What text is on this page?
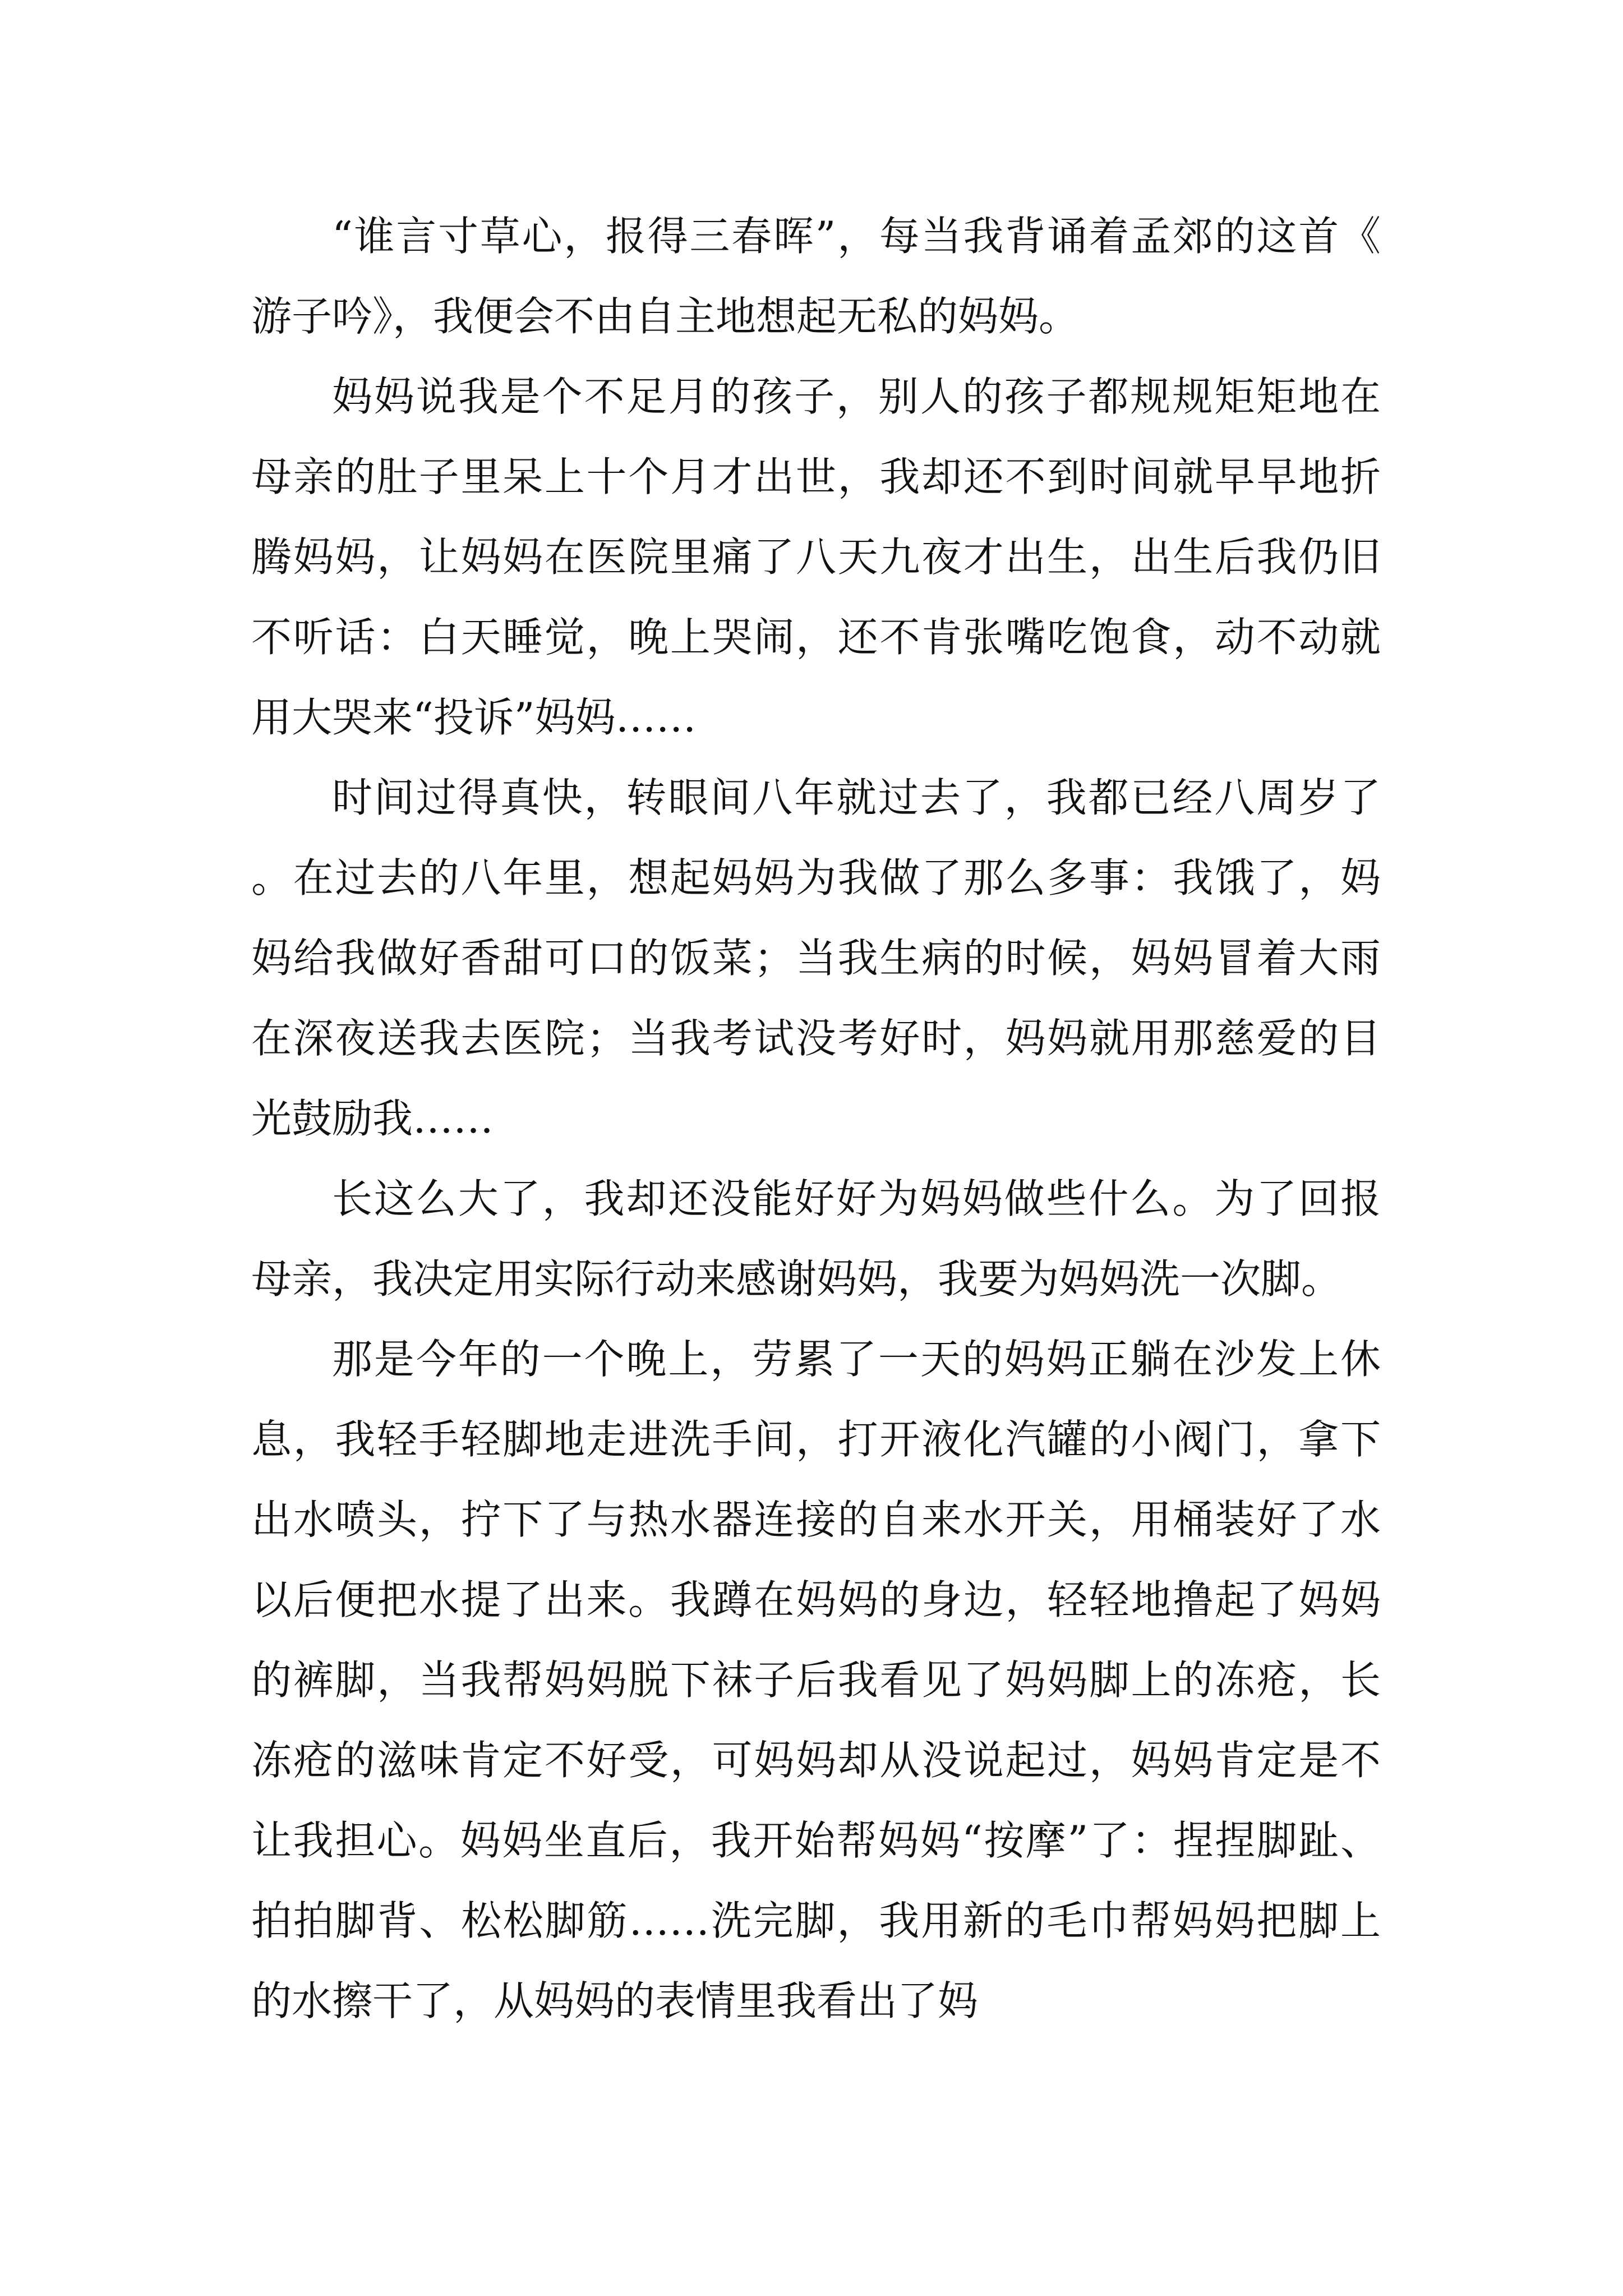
“谁言寸草心，报得三春晖”，每当我背诵着孟郊的这首《游子吟》，我便会不由自主地想起无私的妈妈。

妈妈说我是个不足月的孩子，别人的孩子都规规矩矩地在母亲的肚子里呆上十个月才出世，我却还不到时间就早早地折腾妈妈，让妈妈在医院里痛了八天九夜才出生，出生后我仍旧不听话：白天睡觉，晚上哭闹，还不肯张嘴吃饱食，动不动就用大哭来“投诉”妈妈……

时间过得真快，转眼间八年就过去了，我都已经八周岁了。在过去的八年里，想起妈妈为我做了那么多事：我饿了，妈妈给我做好香甜可口的饭菜；当我生病的时候，妈妈冒着大雨在深夜送我去医院；当我考试没考好时，妈妈就用那慈爱的目光鼓励我……

长这么大了，我却还没能好好为妈妈做些什么。为了回报母亲，我决定用实际行动来感谢妈妈，我要为妈妈洗一次脚。

那是今年的一个晚上，劳累了一天的妈妈正躺在沙发上休息，我轻手轻脚地走进洗手间，打开液化汽罐的小阀门，拿下出水喷头，拧下了与热水器连接的自来水开关，用桶装好了水以后便把水提了出来。我蹲在妈妈的身边，轻轻地撸起了妈妈的裤脚，当我帮妈妈脱下袜子后我看见了妈妈脚上的冻疮，长冻疮的滋味肯定不好受，可妈妈却从没说起过，妈妈肯定是不让我担心。妈妈坐直后，我开始帮妈妈“按摩”了：捏捏脚趾、拍拍脚背、松松脚筋……洗完脚，我用新的毛巾帮妈妈把脚上的水擦干了，从妈妈的表情里我看出了妈
